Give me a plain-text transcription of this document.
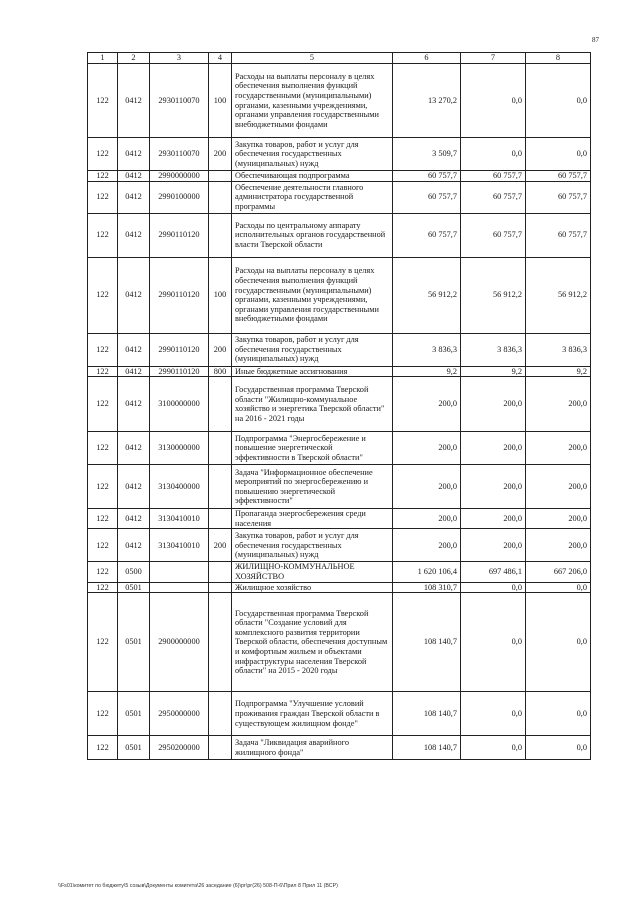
87
1	2	3	4	5	6	7	8
122	0412	2930110070	100	Расходы на выплаты персоналу в целях обеспечения выполнения функций государственными (муниципальными) органами, казенными учреждениями, органами управления государственными внебюджетными фондами	13 270,2	0,0	0,0
122	0412	2930110070	200	Закупка товаров, работ и услуг для обеспечения государственных (муниципальных) нужд	3 509,7	0,0	0,0
122	0412	2990000000		Обеспечивающая подпрограмма	60 757,7	60 757,7	60 757,7
122	0412	2990100000		Обеспечение деятельности главного администратора государственной программы	60 757,7	60 757,7	60 757,7
122	0412	2990110120		Расходы по центральному аппарату исполнительных органов государственной власти Тверской области	60 757,7	60 757,7	60 757,7
122	0412	2990110120	100	Расходы на выплаты персоналу в целях обеспечения выполнения функций государственными (муниципальными) органами, казенными учреждениями, органами управления государственными внебюджетными фондами	56 912,2	56 912,2	56 912,2
122	0412	2990110120	200	Закупка товаров, работ и услуг для обеспечения государственных (муниципальных) нужд	3 836,3	3 836,3	3 836,3
122	0412	2990110120	800	Иные бюджетные ассигнования	9,2	9,2	9,2
122	0412	3100000000		Государственная программа Тверской области "Жилищно-коммунальное хозяйство и энергетика Тверской области" на 2016 - 2021 годы	200,0	200,0	200,0
122	0412	3130000000		Подпрограмма "Энергосбережение и повышение энергетической эффективности в Тверской области"	200,0	200,0	200,0
122	0412	3130400000		Задача "Информационное обеспечение мероприятий по энергосбережению и повышению энергетической эффективности"	200,0	200,0	200,0
122	0412	3130410010		Пропаганда энергосбережения среди населения	200,0	200,0	200,0
122	0412	3130410010	200	Закупка товаров, работ и услуг для обеспечения государственных (муниципальных) нужд	200,0	200,0	200,0
122	0500			ЖИЛИЩНО-КОММУНАЛЬНОЕ ХОЗЯЙСТВО	1 620 106,4	697 486,1	667 206,0
122	0501			Жилищное хозяйство	108 310,7	0,0	0,0
122	0501	2900000000		Государственная программа Тверской области "Создание условий для комплексного развития территории Тверской области, обеспечения доступным и комфортным жильем и объектами инфраструктуры населения Тверской области" на 2015 - 2020 годы	108 140,7	0,0	0,0
122	0501	2950000000		Подпрограмма "Улучшение условий проживания граждан Тверской области в существующем жилищном фонде"	108 140,7	0,0	0,0
122	0501	2950200000		Задача "Ликвидация аварийного жилищного фонда"	108 140,7	0,0	0,0
\\Fs01\комитет по бюджету\5 созыв\Документы комитета\26 заседание (6)\рг\рг(26) 508-П-6\Прил 8 Прил 11 (ВСР)
